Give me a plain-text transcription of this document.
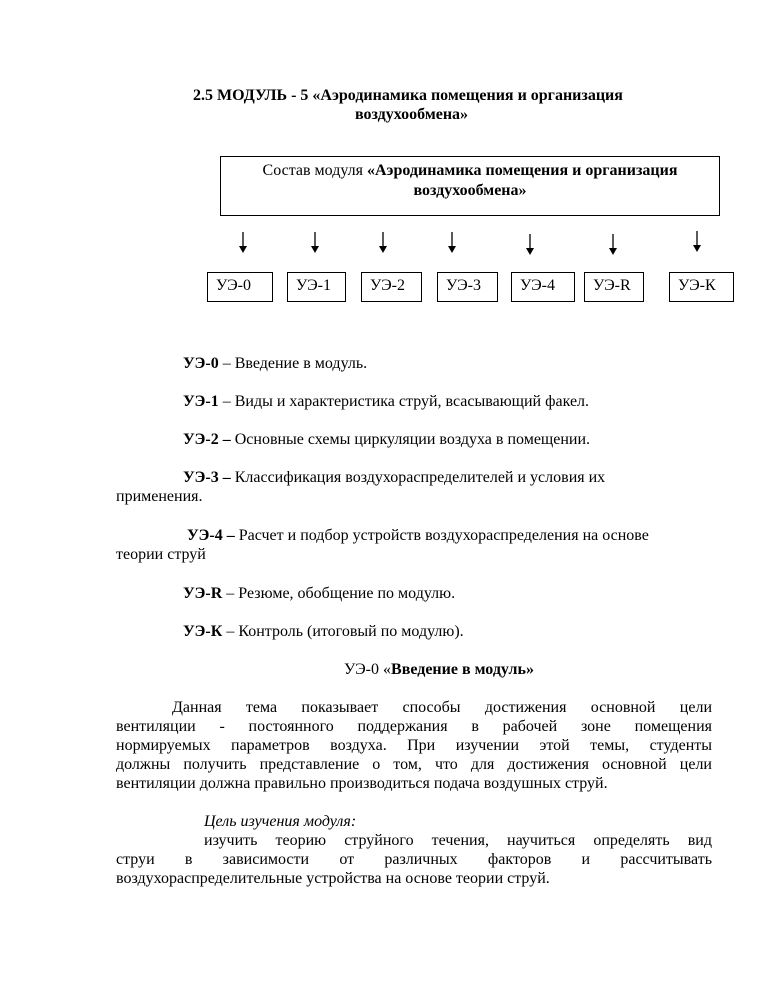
2.5 МОДУЛЬ - 5 «Аэродинамика помещения и организация
воздухообмена»
Состав модуля «Аэродинамика помещения и организация
воздухообмена»
УЭ-0	УЭ-1	УЭ-2	УЭ-3	УЭ-4	УЭ-R	УЭ-К
УЭ-0 – Введение в модуль.
УЭ-1 – Виды и характеристика струй, всасывающий факел.
УЭ-2 – Основные схемы циркуляции воздуха в помещении.
УЭ-3 – Классификация воздухораспределителей и условия их
применения.
УЭ-4 – Расчет и подбор устройств воздухораспределения на основе
теории струй
УЭ-R – Резюме, обобщение по модулю.
УЭ-К – Контроль (итоговый по модулю).
УЭ-0 «Введение в модуль»
Данная тема показывает способы достижения основной цели
вентиляции - постоянного поддержания в рабочей зоне помещения
нормируемых параметров воздуха. При изучении этой темы, студенты
должны получить представление о том, что для достижения основной цели
вентиляции должна правильно производиться подача воздушных струй.
Цель изучения модуля:
изучить теорию струйного течения, научиться определять вид
струи в зависимости от различных факторов и рассчитывать
воздухораспределительные устройства на основе теории струй.
